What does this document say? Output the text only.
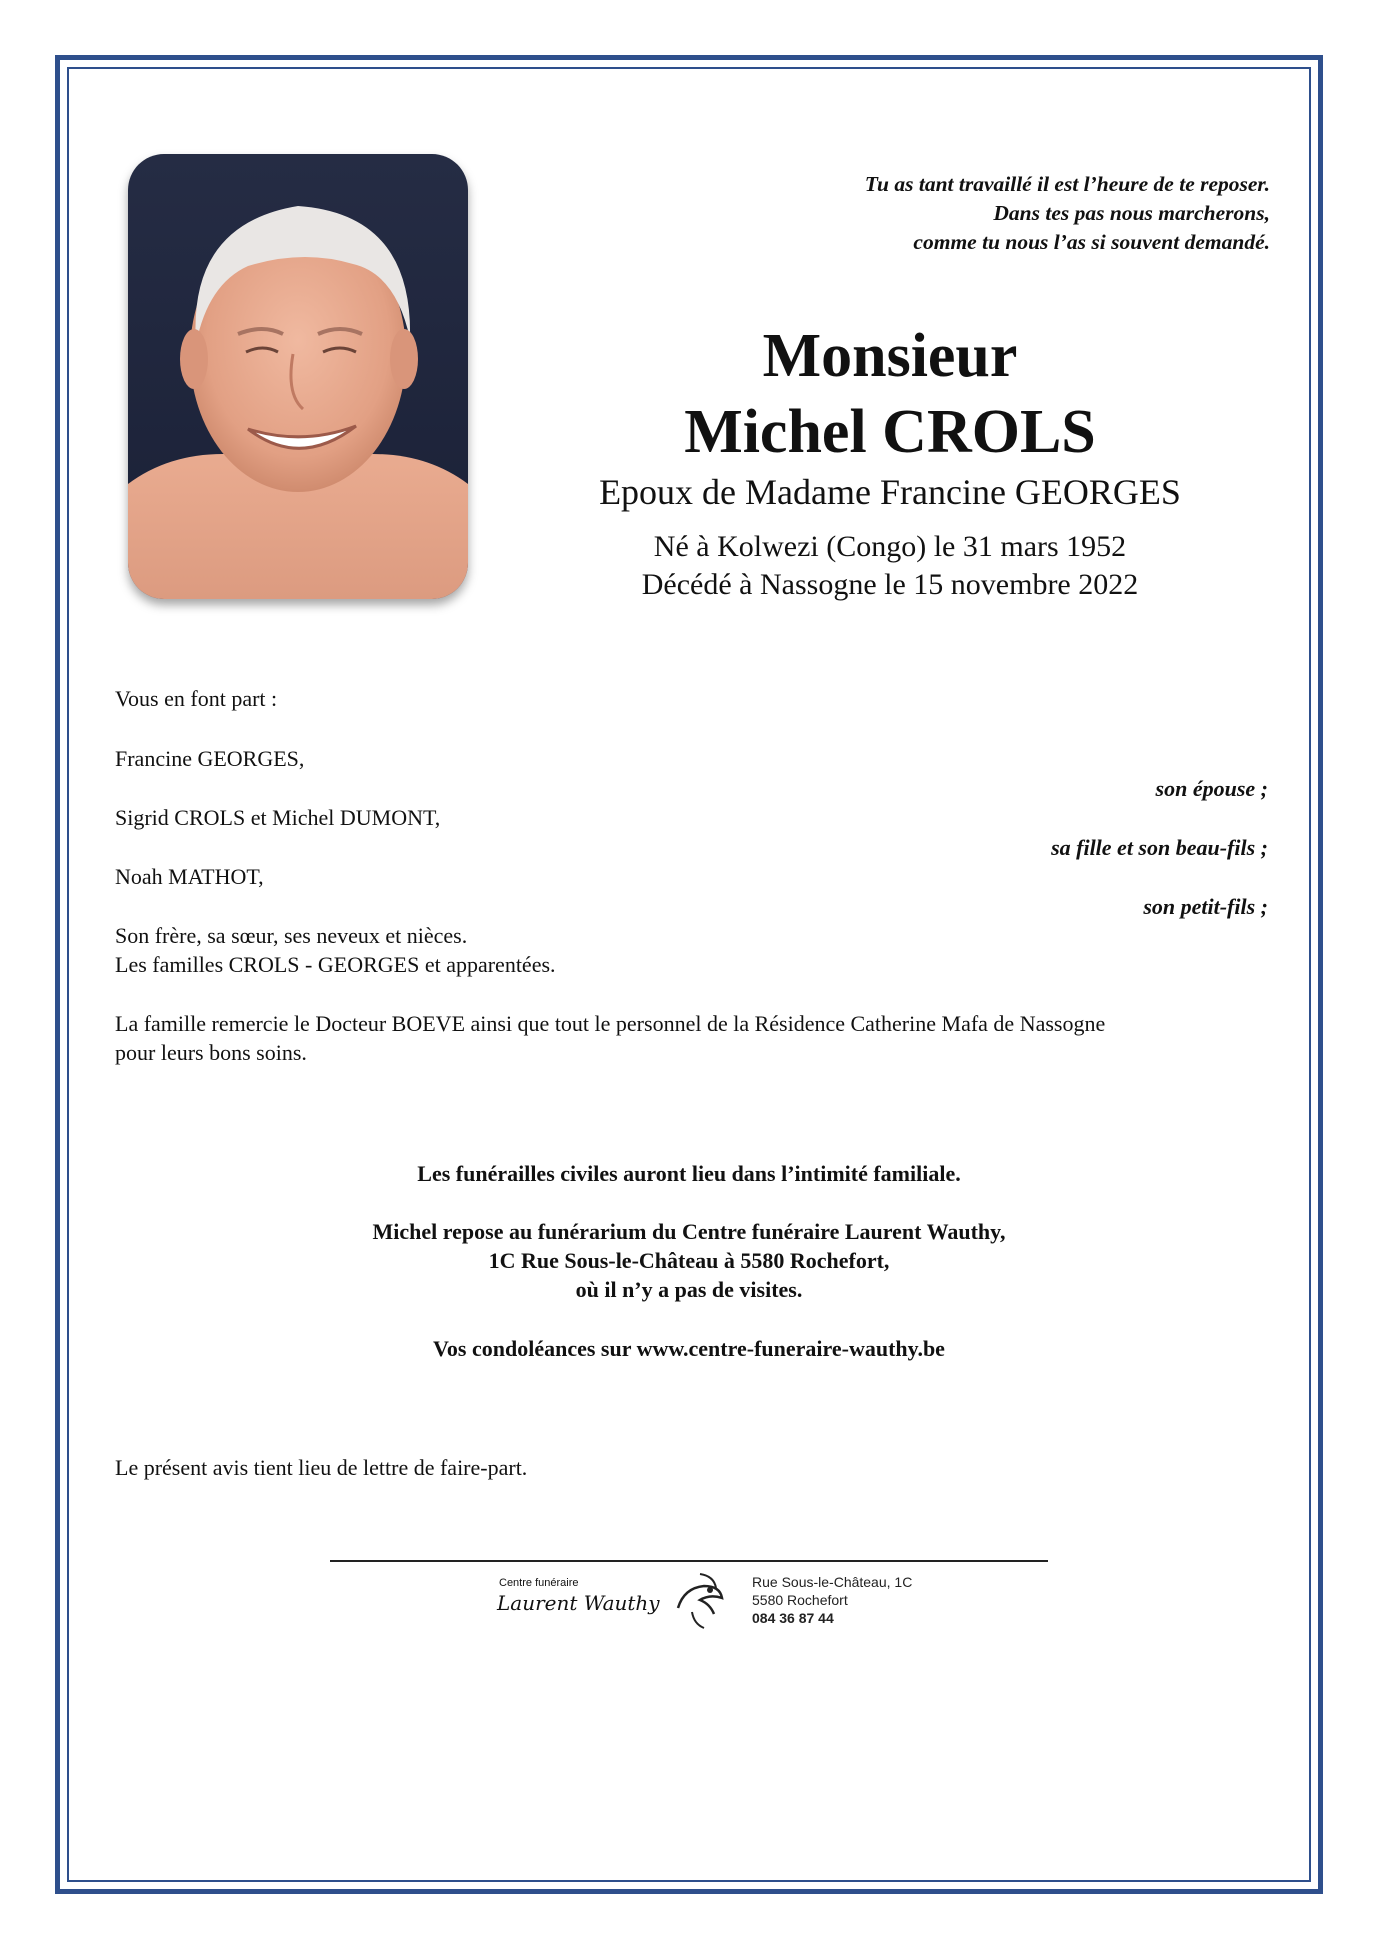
Tu as tant travaillé il est l’heure de te reposer.
Dans tes pas nous marcherons,
comme tu nous l’as si souvent demandé.
Monsieur
Michel CROLS
Epoux de Madame Francine GEORGES
Né à Kolwezi (Congo) le 31 mars 1952
Décédé à Nassogne le 15 novembre 2022
Vous en font part :
Francine GEORGES,
son épouse ;
Sigrid CROLS et Michel DUMONT,
sa fille et son beau-fils ;
Noah MATHOT,
son petit-fils ;
Son frère, sa sœur, ses neveux et nièces.
Les familles CROLS - GEORGES et apparentées.
La famille remercie le Docteur BOEVE ainsi que tout le personnel de la Résidence Catherine Mafa de Nassogne
pour leurs bons soins.
Les funérailles civiles auront lieu dans l’intimité familiale.
Michel repose au funérarium du Centre funéraire Laurent Wauthy,
1C Rue Sous-le-Château à 5580 Rochefort,
où il n’y a pas de visites.
Vos condoléances sur www.centre-funeraire-wauthy.be
Le présent avis tient lieu de lettre de faire-part.
Centre funéraire
Laurent Wauthy
Rue Sous-le-Château, 1C
5580 Rochefort
084 36 87 44
